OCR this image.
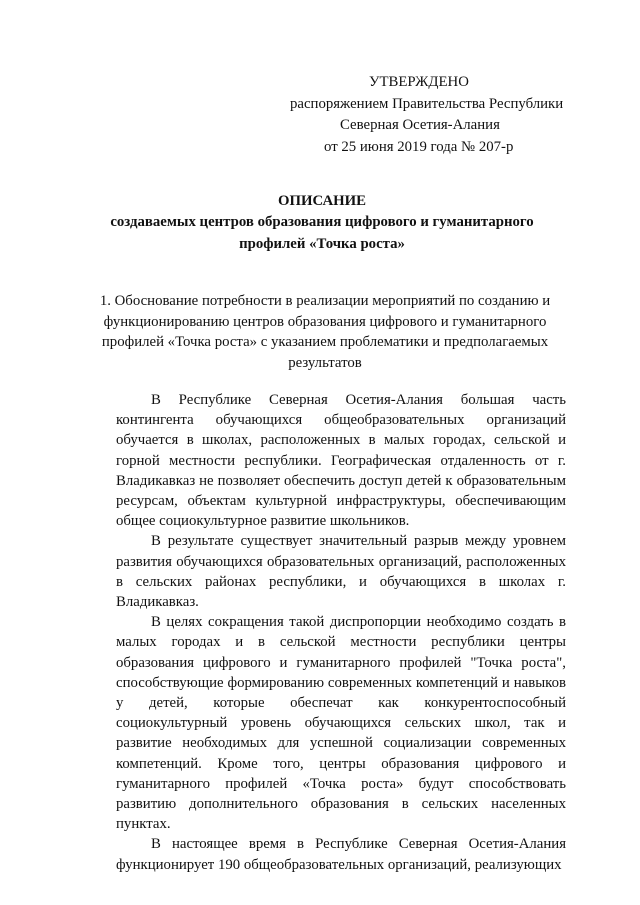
УТВЕРЖДЕНО
распоряжением Правительства Республики
Северная Осетия-Алания
от 25 июня 2019 года № 207-р
ОПИСАНИЕ
создаваемых центров образования цифрового и гуманитарного профилей «Точка роста»
1. Обоснование потребности в реализации мероприятий по созданию и функционированию центров образования цифрового и гуманитарного профилей «Точка роста» с указанием проблематики и предполагаемых результатов

В Республике Северная Осетия-Алания большая часть контингента обучающихся общеобразовательных организаций обучается в школах, расположенных в малых городах, сельской и горной местности республики. Географическая отдаленность от г. Владикавказ не позволяет обеспечить доступ детей к образовательным ресурсам, объектам культурной инфраструктуры, обеспечивающим общее социокультурное развитие школьников.

В результате существует значительный разрыв между уровнем развития обучающихся образовательных организаций, расположенных в сельских районах республики, и обучающихся в школах г. Владикавказ.

В целях сокращения такой диспропорции необходимо создать в малых городах и в сельской местности республики центры образования цифрового и гуманитарного профилей "Точка роста", способствующие формированию современных компетенций и навыков у детей, которые обеспечат как конкурентоспособный социокультурный уровень обучающихся сельских школ, так и развитие необходимых для успешной социализации современных компетенций. Кроме того, центры образования цифрового и гуманитарного профилей «Точка роста» будут способствовать развитию дополнительного образования в сельских населенных пунктах.

В настоящее время в Республике Северная Осетия-Алания функционирует 190 общеобразовательных организаций, реализующих
